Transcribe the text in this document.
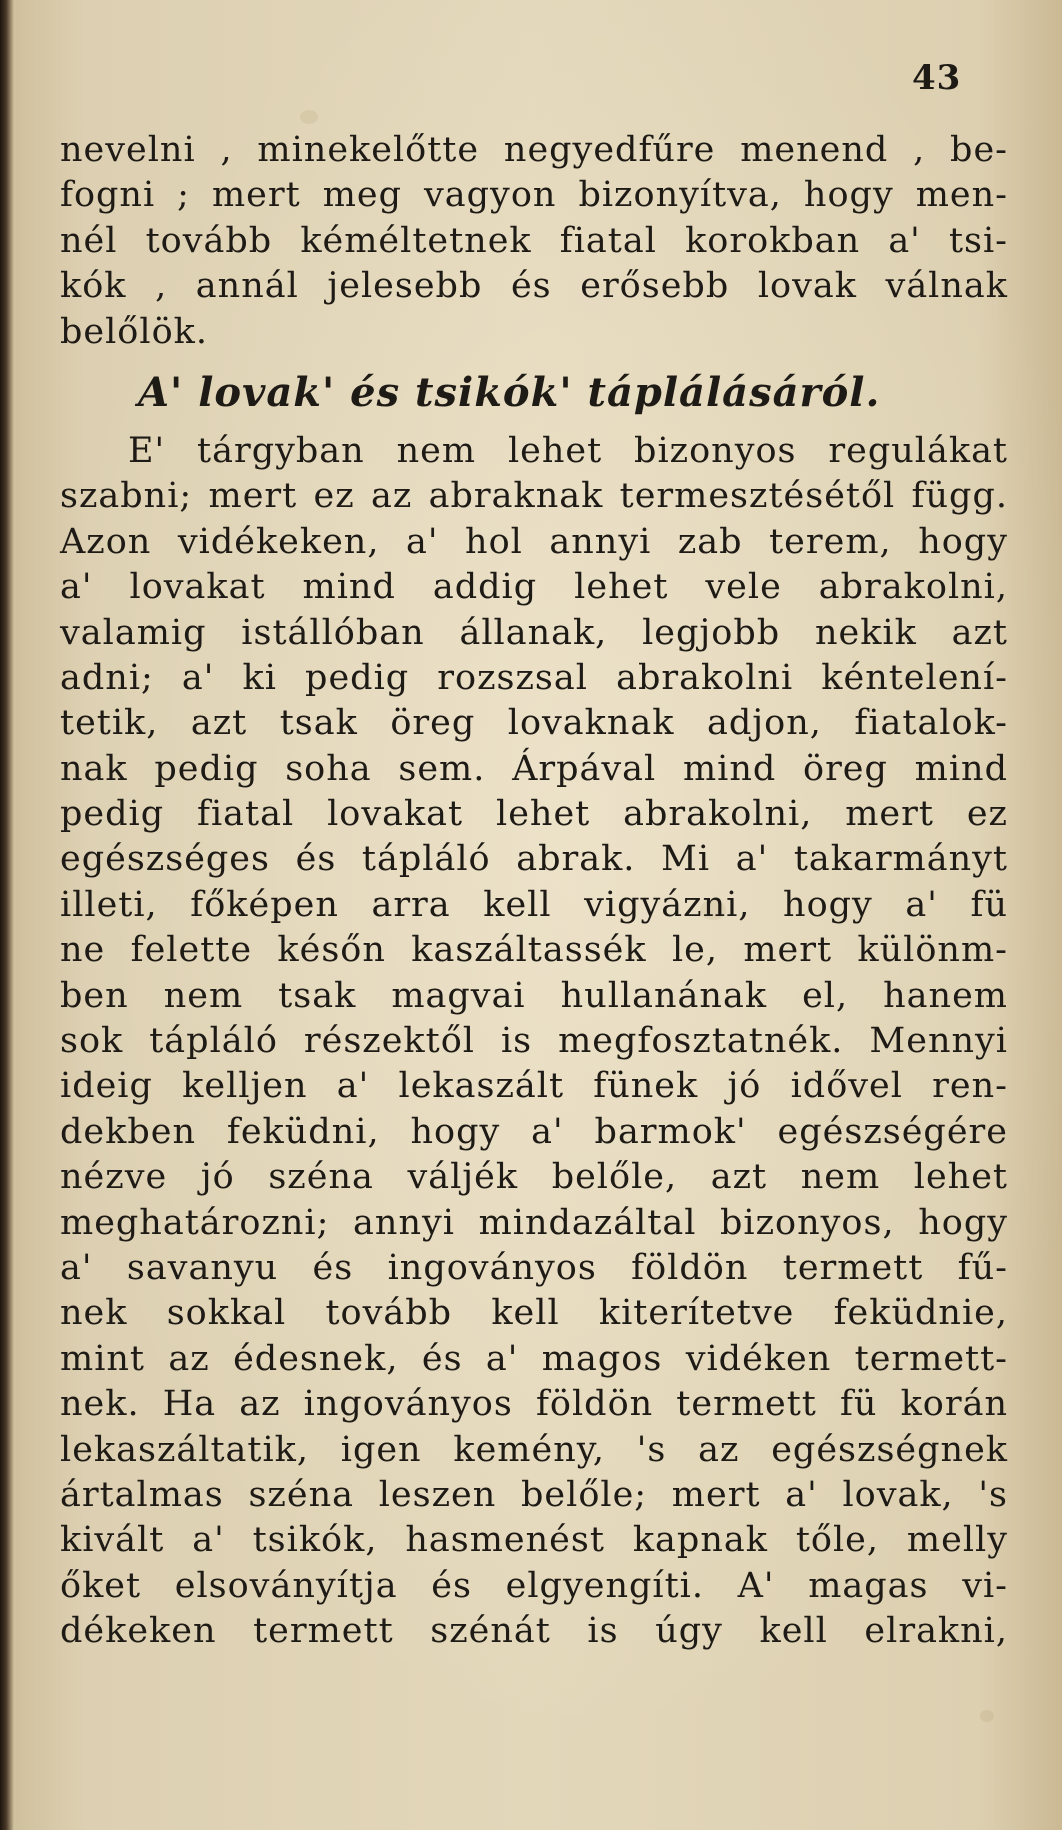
43
nevelni , minekelőtte negyedfűre menend , be-
fogni ; mert meg vagyon bizonyítva, hogy men-
nél tovább kéméltetnek fiatal korokban a' tsi-
kók , annál jelesebb és erősebb lovak válnak
belőlök.
A' lovak' és tsikók' táplálásáról.
E' tárgyban nem lehet bizonyos regulákat
szabni; mert ez az abraknak termesztésétől függ.
Azon vidékeken, a' hol annyi zab terem, hogy
a' lovakat mind addig lehet vele abrakolni,
valamig istállóban állanak, legjobb nekik azt
adni; a' ki pedig rozszsal abrakolni kéntelení-
tetik, azt tsak öreg lovaknak adjon, fiatalok-
nak pedig soha sem. Árpával mind öreg mind
pedig fiatal lovakat lehet abrakolni, mert ez
egészséges és tápláló abrak. Mi a' takarmányt
illeti, főképen arra kell vigyázni, hogy a' fü
ne felette későn kaszáltassék le, mert különm-
ben nem tsak magvai hullanának el, hanem
sok tápláló részektől is megfosztatnék. Mennyi
ideig kelljen a' lekaszált fünek jó idővel ren-
dekben feküdni, hogy a' barmok' egészségére
nézve jó széna váljék belőle, azt nem lehet
meghatározni; annyi mindazáltal bizonyos, hogy
a' savanyu és ingoványos földön termett fű-
nek sokkal tovább kell kiterítetve feküdnie,
mint az édesnek, és a' magos vidéken termett-
nek. Ha az ingoványos földön termett fü korán
lekaszáltatik, igen kemény, 's az egészségnek
ártalmas széna leszen belőle; mert a' lovak, 's
kivált a' tsikók, hasmenést kapnak tőle, melly
őket elsoványítja és elgyengíti. A' magas vi-
dékeken termett szénát is úgy kell elrakni,
